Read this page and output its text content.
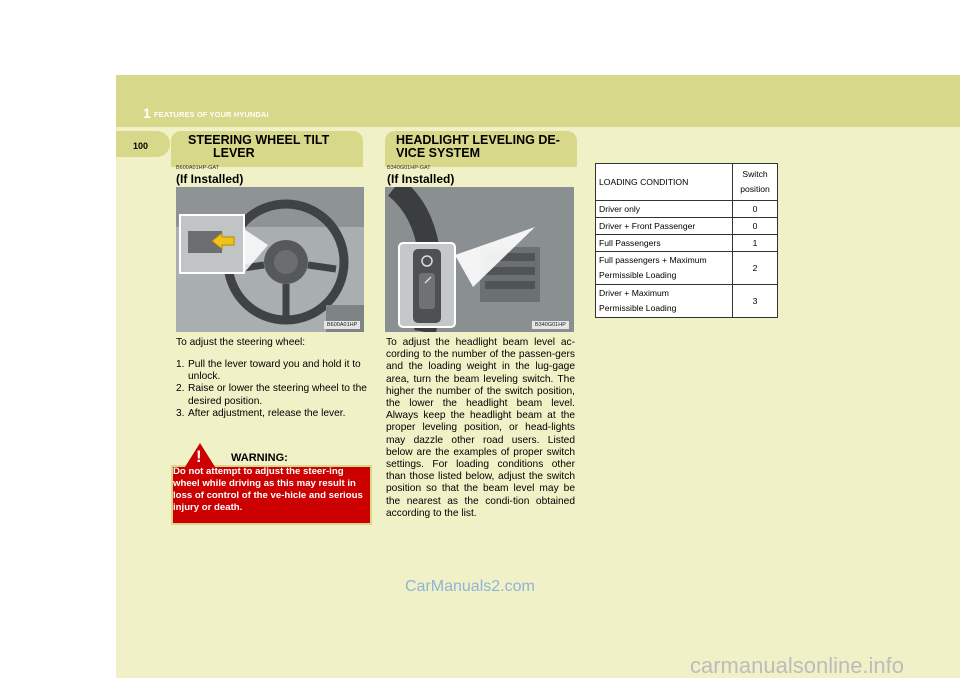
1 FEATURES OF YOUR HYUNDAI
100	STEERING WHEEL TILT
LEVER
B600A01HP-GAT
(If Installed)
B600A01HP
To adjust the steering wheel:
1. Pull the lever toward you and hold it to unlock.
2. Raise or lower the steering wheel to the desired position.
3. After adjustment, release the lever.
!	WARNING:
Do not attempt to adjust the steer-ing wheel while driving as this may result in loss of control of the ve-hicle and serious injury or death.
HEADLIGHT LEVELING DE-
VICE SYSTEM
B340G01HP-GAT
(If Installed)
B340G01HP
To adjust the headlight beam level ac-cording to the number of the passen-gers and the loading weight in the lug-gage area, turn the beam leveling switch. The higher the number of the switch position, the lower the headlight beam level. Always keep the headlight beam at the proper leveling position, or head-lights may dazzle other road users. Listed below are the examples of proper switch settings. For loading conditions other than those listed below, adjust the switch position so that the beam level may be the nearest as the condi-tion obtained according to the list.
LOADING CONDITION	Switch
position
Driver only	0
Driver + Front Passenger	0
Full Passengers	1
Full passengers + Maximum
Permissible Loading	2
Driver + Maximum
Permissible Loading	3
CarManuals2.com
carmanualsonline.info
